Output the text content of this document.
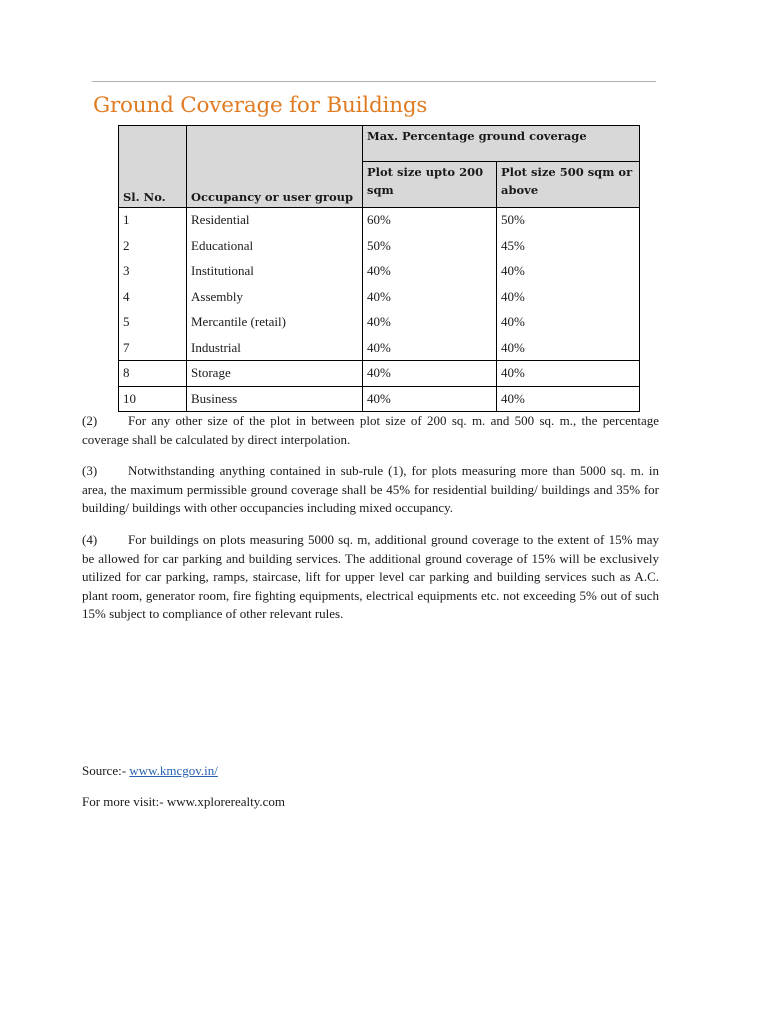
Ground Coverage for Buildings
Sl. No.	Occupancy or user group	Max. Percentage ground coverage	
		Plot size upto 200 sqm	Plot size 500 sqm or above
1	Residential	60%	50%
2	Educational	50%	45%
3	Institutional	40%	40%
4	Assembly	40%	40%
5	Mercantile (retail)	40%	40%
7	Industrial	40%	40%
8	Storage	40%	40%
10	Business	40%	40%

(2) For any other size of the plot in between plot size of 200 sq. m. and 500 sq. m., the percentage coverage shall be calculated by direct interpolation.

(3) Notwithstanding anything contained in sub-rule (1), for plots measuring more than 5000 sq. m. in area, the maximum permissible ground coverage shall be 45% for residential building/ buildings and 35% for building/ buildings with other occupancies including mixed occupancy.

(4) For buildings on plots measuring 5000 sq. m, additional ground coverage to the extent of 15% may be allowed for car parking and building services. The additional ground coverage of 15% will be exclusively utilized for car parking, ramps, staircase, lift for upper level car parking and building services such as A.C. plant room, generator room, fire fighting equipments, electrical equipments etc. not exceeding 5% out of such 15% subject to compliance of other relevant rules.

Source:- www.kmcgov.in/

For more visit:- www.xplorerealty.com
